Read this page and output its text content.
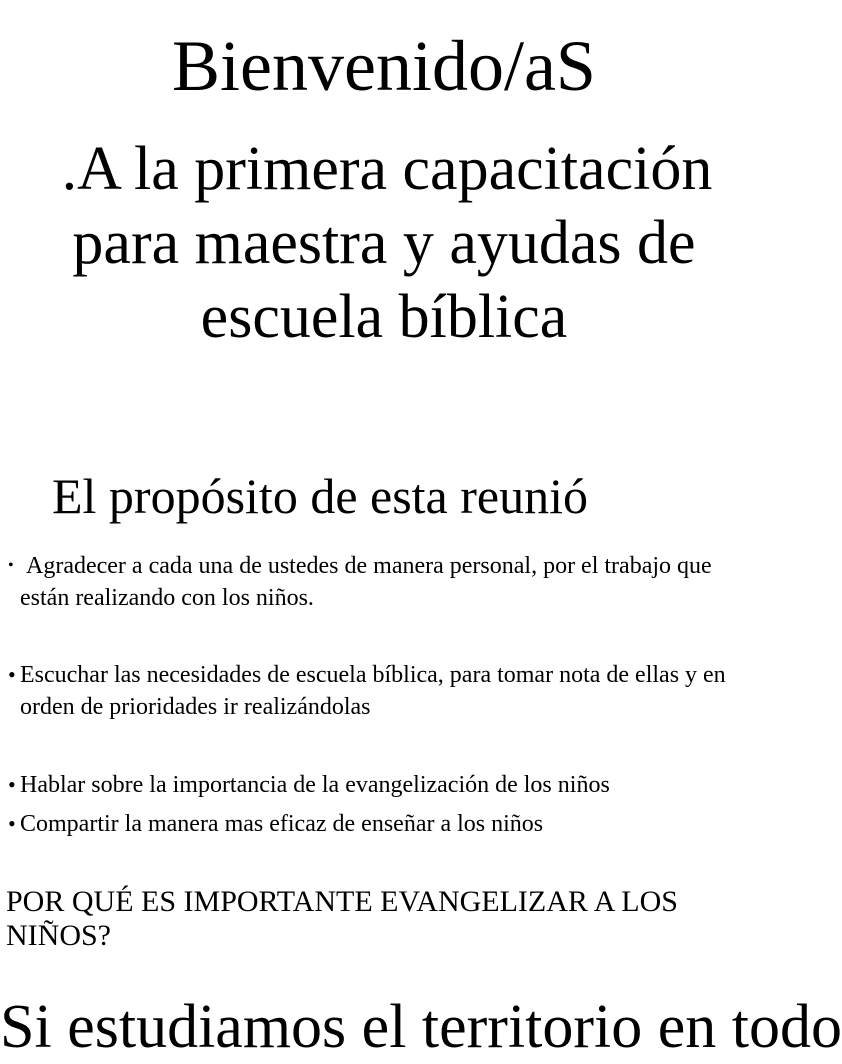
Bienvenido/aS
.A la primera capacitación
para maestra y ayudas de
escuela bíblica
El propósito de esta reunió
• Agradecer a cada una de ustedes de manera personal, por el trabajo que están realizando con los niños.
• Escuchar las necesidades de escuela bíblica, para tomar nota de ellas y en orden de prioridades ir realizándolas
• Hablar sobre la importancia de la evangelización de los niños
• Compartir la manera mas eficaz de enseñar a los niños

POR QUÉ ES IMPORTANTE EVANGELIZAR A LOS NIÑOS?

Si estudiamos el territorio en todo
